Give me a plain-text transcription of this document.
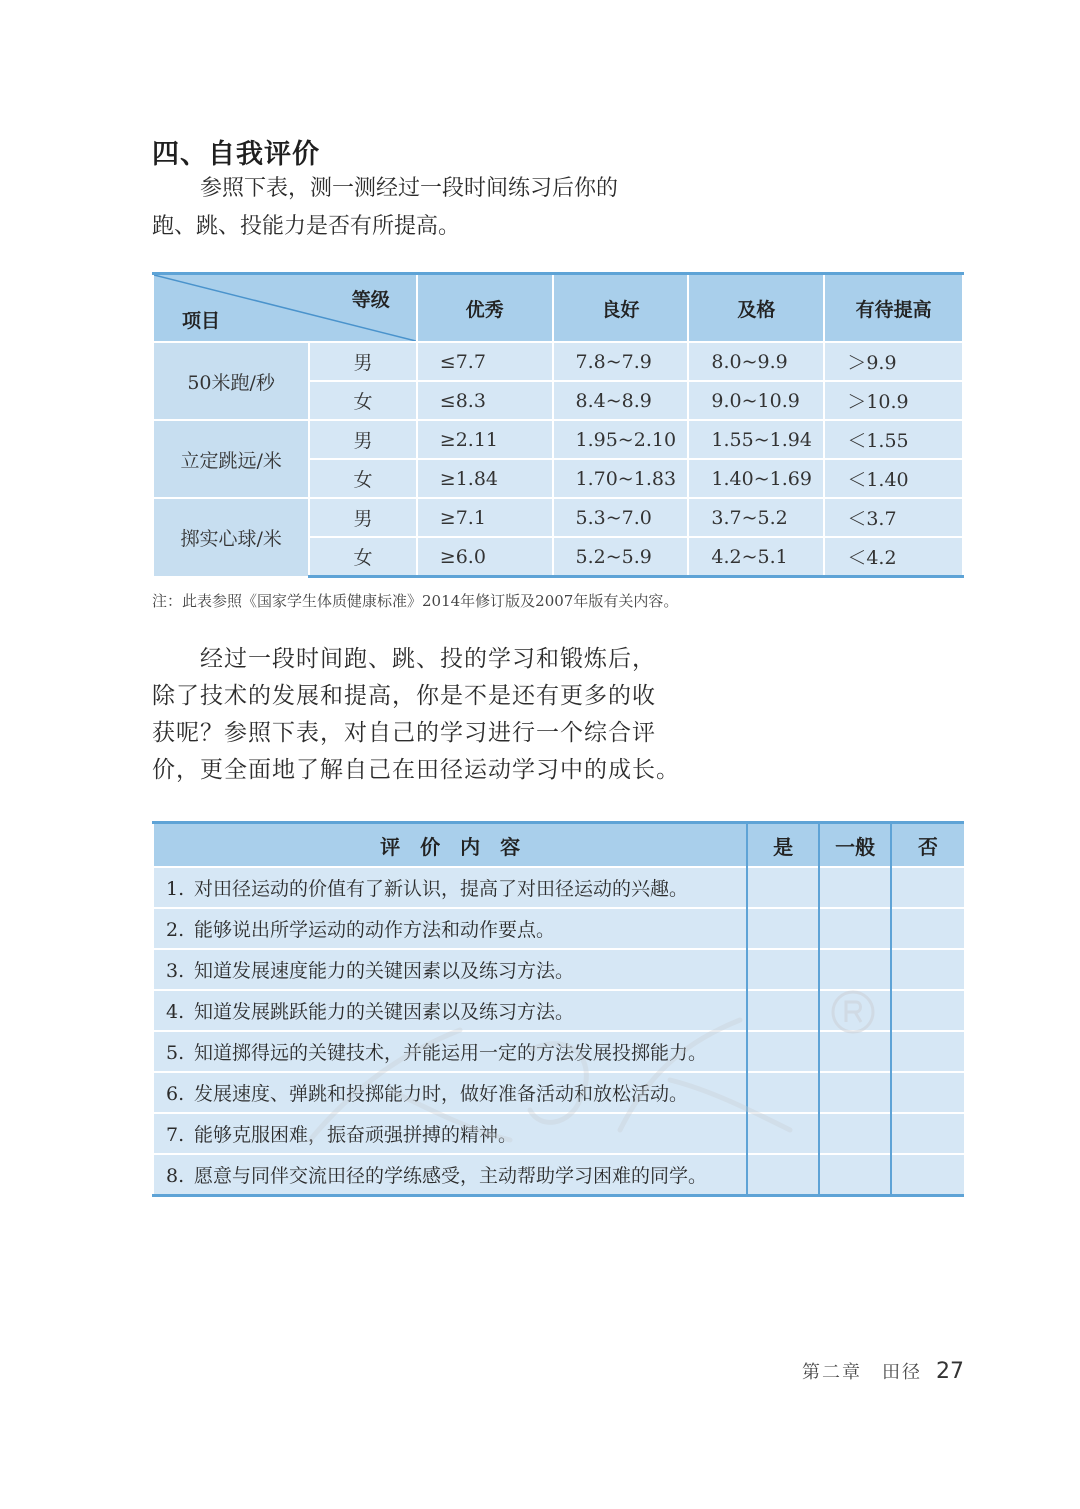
四、自我评价
参照下表，测一测经过一段时间练习后你的
跑、跳、投能力是否有所提高。
等级
项目		优秀	良好	及格	有待提高
50米跑/秒	男	≤7.7	7.8~7.9	8.0~9.9	＞9.9
	女	≤8.3	8.4~8.9	9.0~10.9	＞10.9
立定跳远/米	男	≥2.11	1.95~2.10	1.55~1.94	＜1.55
	女	≥1.84	1.70~1.83	1.40~1.69	＜1.40
掷实心球/米	男	≥7.1	5.3~7.0	3.7~5.2	＜3.7
	女	≥6.0	5.2~5.9	4.2~5.1	＜4.2
注：此表参照《国家学生体质健康标准》2014年修订版及2007年版有关内容。
经过一段时间跑、跳、投的学习和锻炼后，
除了技术的发展和提高，你是不是还有更多的收
获呢？参照下表，对自己的学习进行一个综合评
价，更全面地了解自己在田径运动学习中的成长。
评　价　内　容	是	一般	否
1. 对田径运动的价值有了新认识，提高了对田径运动的兴趣。			
2. 能够说出所学运动的动作方法和动作要点。			
3. 知道发展速度能力的关键因素以及练习方法。			
4. 知道发展跳跃能力的关键因素以及练习方法。			
5. 知道掷得远的关键技术，并能运用一定的方法发展投掷能力。			
6. 发展速度、弹跳和投掷能力时，做好准备活动和放松活动。			
7. 能够克服困难，振奋顽强拼搏的精神。			
8. 愿意与同伴交流田径的学练感受，主动帮助学习困难的同学。			
第二章　田径 27
